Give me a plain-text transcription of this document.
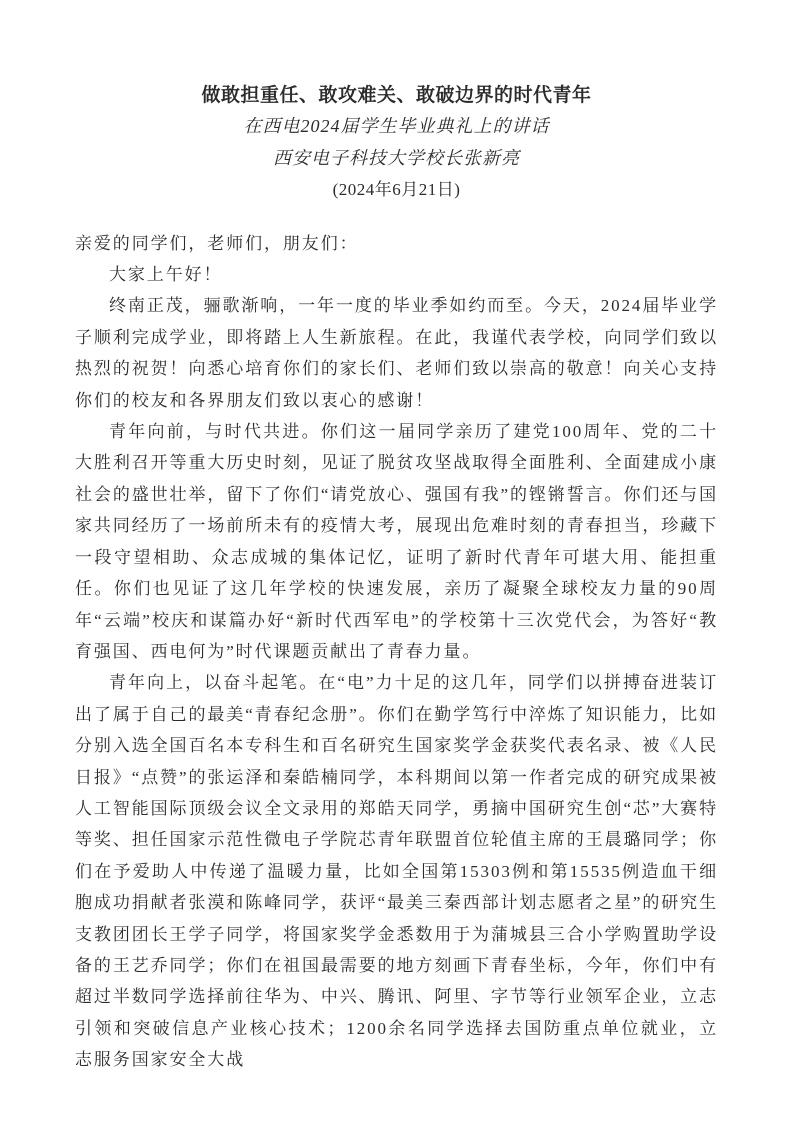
做敢担重任、敢攻难关、敢破边界的时代青年
在西电2024届学生毕业典礼上的讲话
西安电子科技大学校长张新亮
(2024年6月21日)

亲爱的同学们，老师们，朋友们：

大家上午好！

终南正茂，骊歌渐响，一年一度的毕业季如约而至。今天，2024届毕业学子顺利完成学业，即将踏上人生新旅程。在此，我谨代表学校，向同学们致以热烈的祝贺！向悉心培育你们的家长们、老师们致以崇高的敬意！向关心支持你们的校友和各界朋友们致以衷心的感谢！

青年向前，与时代共进。你们这一届同学亲历了建党100周年、党的二十大胜利召开等重大历史时刻，见证了脱贫攻坚战取得全面胜利、全面建成小康社会的盛世壮举，留下了你们“请党放心、强国有我”的铿锵誓言。你们还与国家共同经历了一场前所未有的疫情大考，展现出危难时刻的青春担当，珍藏下一段守望相助、众志成城的集体记忆，证明了新时代青年可堪大用、能担重任。你们也见证了这几年学校的快速发展，亲历了凝聚全球校友力量的90周年“云端”校庆和谋篇办好“新时代西军电”的学校第十三次党代会，为答好“教育强国、西电何为”时代课题贡献出了青春力量。

青年向上，以奋斗起笔。在“电”力十足的这几年，同学们以拼搏奋进装订出了属于自己的最美“青春纪念册”。你们在勤学笃行中淬炼了知识能力，比如分别入选全国百名本专科生和百名研究生国家奖学金获奖代表名录、被《人民日报》“点赞”的张运泽和秦皓楠同学，本科期间以第一作者完成的研究成果被人工智能国际顶级会议全文录用的郑皓天同学，勇摘中国研究生创“芯”大赛特等奖、担任国家示范性微电子学院芯青年联盟首位轮值主席的王晨璐同学；你们在予爱助人中传递了温暖力量，比如全国第15303例和第15535例造血干细胞成功捐献者张漠和陈峰同学，获评“最美三秦西部计划志愿者之星”的研究生支教团团长王学子同学，将国家奖学金悉数用于为蒲城县三合小学购置助学设备的王艺乔同学；你们在祖国最需要的地方刻画下青春坐标，今年，你们中有超过半数同学选择前往华为、中兴、腾讯、阿里、字节等行业领军企业，立志引领和突破信息产业核心技术；1200余名同学选择去国防重点单位就业，立志服务国家安全大战
